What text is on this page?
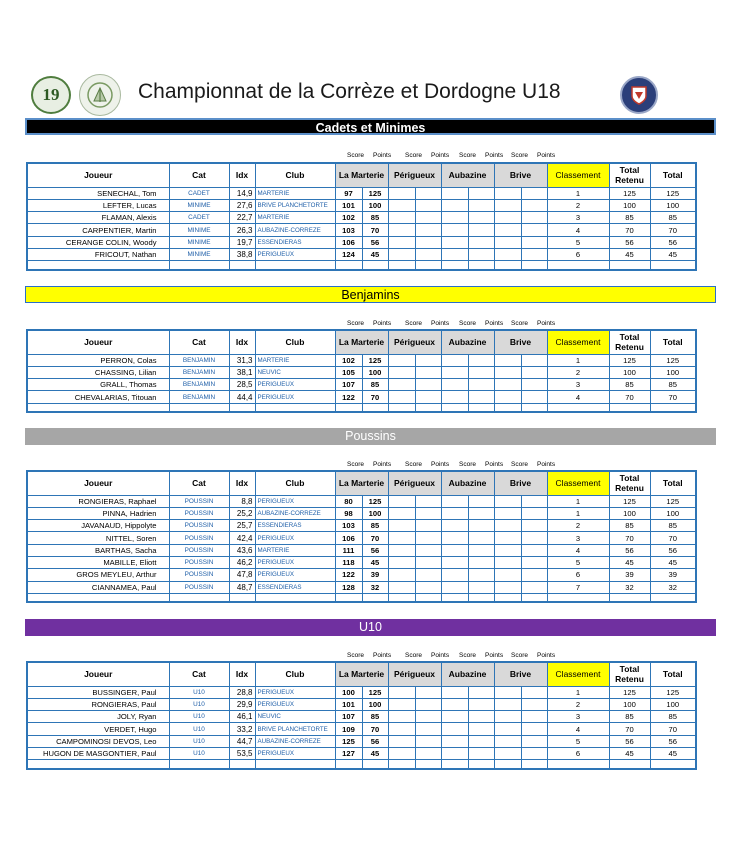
19	Championnat de la Corrèze et Dordogne U18
Cadets et Minimes
Score Points Score Points Score Points Score Points
Joueur	Cat	Idx	Club	La Marterie		Périgueux		Aubazine		Brive		Classement	Total Retenu	Total
SENECHAL, Tom	CADET	14,9	MARTERIE	97	125							1	125	125
LEFTER, Lucas	MINIME	27,6	BRIVE PLANCHETORTE	101	100							2	100	100
FLAMAN, Alexis	CADET	22,7	MARTERIE	102	85							3	85	85
CARPENTIER, Martin	MINIME	26,3	AUBAZINE-CORREZE	103	70							4	70	70
CERANGE COLIN, Woody	MINIME	19,7	ESSENDIERAS	106	56							5	56	56
FRICOUT, Nathan	MINIME	38,8	PERIGUEUX	124	45							6	45	45

Benjamins
Score Points Score Points Score Points Score Points
Joueur	Cat	Idx	Club	La Marterie		Périgueux		Aubazine		Brive		Classement	Total Retenu	Total
PERRON, Colas	BENJAMIN	31,3	MARTERIE	102	125							1	125	125
CHASSING, Lilian	BENJAMIN	38,1	NEUVIC	105	100							2	100	100
GRALL, Thomas	BENJAMIN	28,5	PERIGUEUX	107	85							3	85	85
CHEVALARIAS, Titouan	BENJAMIN	44,4	PERIGUEUX	122	70							4	70	70

Poussins
Score Points Score Points Score Points Score Points
Joueur	Cat	Idx	Club	La Marterie		Périgueux		Aubazine		Brive		Classement	Total Retenu	Total
RONGIERAS, Raphael	POUSSIN	8,8	PERIGUEUX	80	125							1	125	125
PINNA, Hadrien	POUSSIN	25,2	AUBAZINE-CORREZE	98	100							1	100	100
JAVANAUD, Hippolyte	POUSSIN	25,7	ESSENDIERAS	103	85							2	85	85
NITTEL, Soren	POUSSIN	42,4	PERIGUEUX	106	70							3	70	70
BARTHAS, Sacha	POUSSIN	43,6	MARTERIE	111	56							4	56	56
MABILLE, Eliott	POUSSIN	46,2	PERIGUEUX	118	45							5	45	45
GROS MEYLEU, Arthur	POUSSIN	47,8	PERIGUEUX	122	39							6	39	39
CIANNAMEA, Paul	POUSSIN	48,7	ESSENDIERAS	128	32							7	32	32

U10
Score Points Score Points Score Points Score Points
Joueur	Cat	Idx	Club	La Marterie		Périgueux		Aubazine		Brive		Classement	Total Retenu	Total
BUSSINGER, Paul	U10	28,8	PERIGUEUX	100	125							1	125	125
RONGIERAS, Paul	U10	29,9	PERIGUEUX	101	100							2	100	100
JOLY, Ryan	U10	46,1	NEUVIC	107	85							3	85	85
VERDET, Hugo	U10	33,2	BRIVE PLANCHETORTE	109	70							4	70	70
CAMPOMINOSI DEVOS, Leo	U10	44,7	AUBAZINE-CORREZE	125	56							5	56	56
HUGON DE MASGONTIER, Paul	U10	53,5	PERIGUEUX	127	45							6	45	45
